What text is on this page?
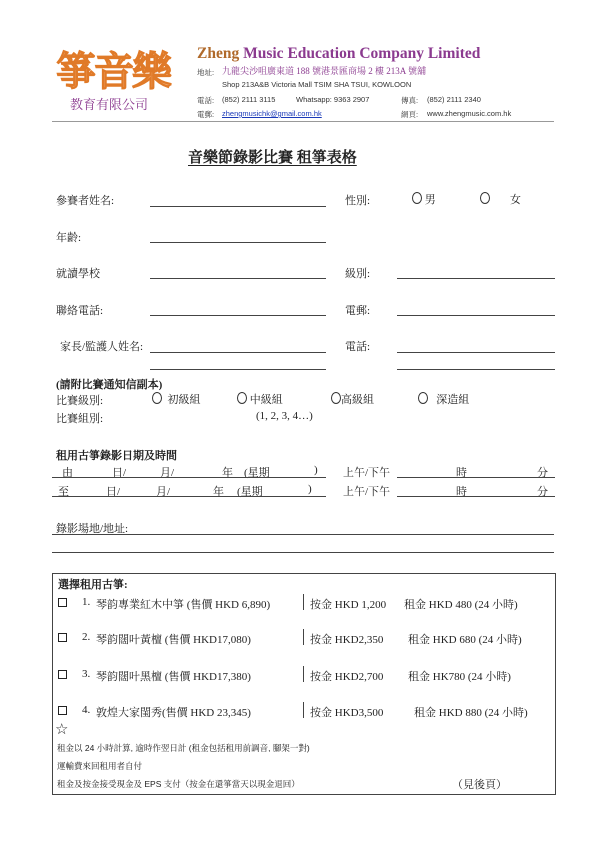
箏音樂
教育有限公司
Zheng Music Education Company Limited
地址: 九龍尖沙咀廣東道 188 號港景匯商場 2 樓 213A 號舖
Shop 213A&B Victoria Mall TSIM SHA TSUI, KOWLOON
電話: (852) 2111 3115	Whatsapp: 9363 2907	傳真: (852) 2111 2340
電郵: zhengmusichk@gmail.com.hk	網頁: www.zhengmusic.com.hk
音樂節錄影比賽 租箏表格
參賽者姓名:	性別:	男	女
年齡:
就讀學校	級別:
聯絡電話:	電郵:
家長/監護人姓名:	電話:
(請附比賽通知信副本)
比賽級別:	初級組	中級組	高級組	深造組
比賽組別:	(1, 2, 3, 4…)
租用古箏錄影日期及時間
由	日/	月/	年 (星期	) 上午/下午	時	分
至	日/	月/	年 (星期	)	上午/下午	時	分
錄影場地/地址:
選擇租用古箏:
1. 琴韵專業紅木中箏 (售價 HKD 6,890)	按金 HKD 1,200 租金 HKD 480 (24 小時)
2. 琴韵闊叶黃檀 (售價 HKD17,080)	按金 HKD2,350 租金 HKD 680 (24 小時)
3. 琴韵闊叶黑檀 (售價 HKD17,380)	按金 HKD2,700 租金 HK780 (24 小時)
4. 敦煌大家閨秀(售價 HKD 23,345)	按金 HKD3,500	租金 HKD 880 (24 小時)
☆
租金以 24 小時計算, 逾時作翌日計 (租金包括租用前調音, 腳架一對)
運輸費來回租用者自付
租金及按金接受現金及 EPS 支付（按金在還箏當天以現金退回）	（見後頁）
